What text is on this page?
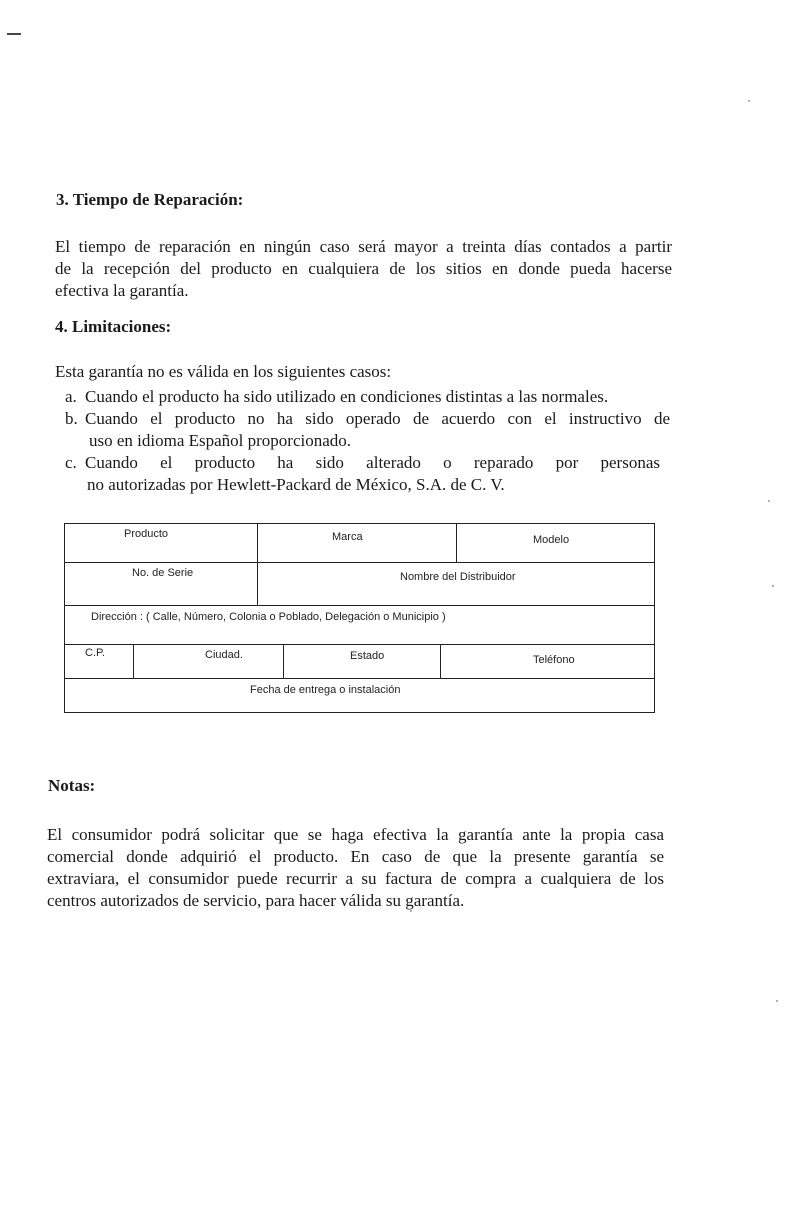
3. Tiempo de Reparación:
El tiempo de reparación en ningún caso será mayor a treinta días contados a partir
de la recepción del producto en cualquiera de los sitios en donde pueda hacerse
efectiva la garantía.
4. Limitaciones:
Esta garantía no es válida en los siguientes casos:
a. Cuando el producto ha sido utilizado en condiciones distintas a las normales.
b. Cuando el producto no ha sido operado de acuerdo con el instructivo de
uso en idioma Español proporcionado.
c. Cuando el producto ha sido alterado o reparado por personas
no autorizadas por Hewlett-Packard de México, S.A. de C. V.
Producto	Marca	Modelo
No. de Serie	Nombre del Distribuidor
Dirección : ( Calle, Número, Colonia o Poblado, Delegación o Municipio )
C.P.	Ciudad.	Estado	Teléfono
Fecha de entrega o instalación
Notas:
El consumidor podrá solicitar que se haga efectiva la garantía ante la propia casa
comercial donde adquirió el producto. En caso de que la presente garantía se
extraviara, el consumidor puede recurrir a su factura de compra a cualquiera de los
centros autorizados de servicio, para hacer válida su garantía.
